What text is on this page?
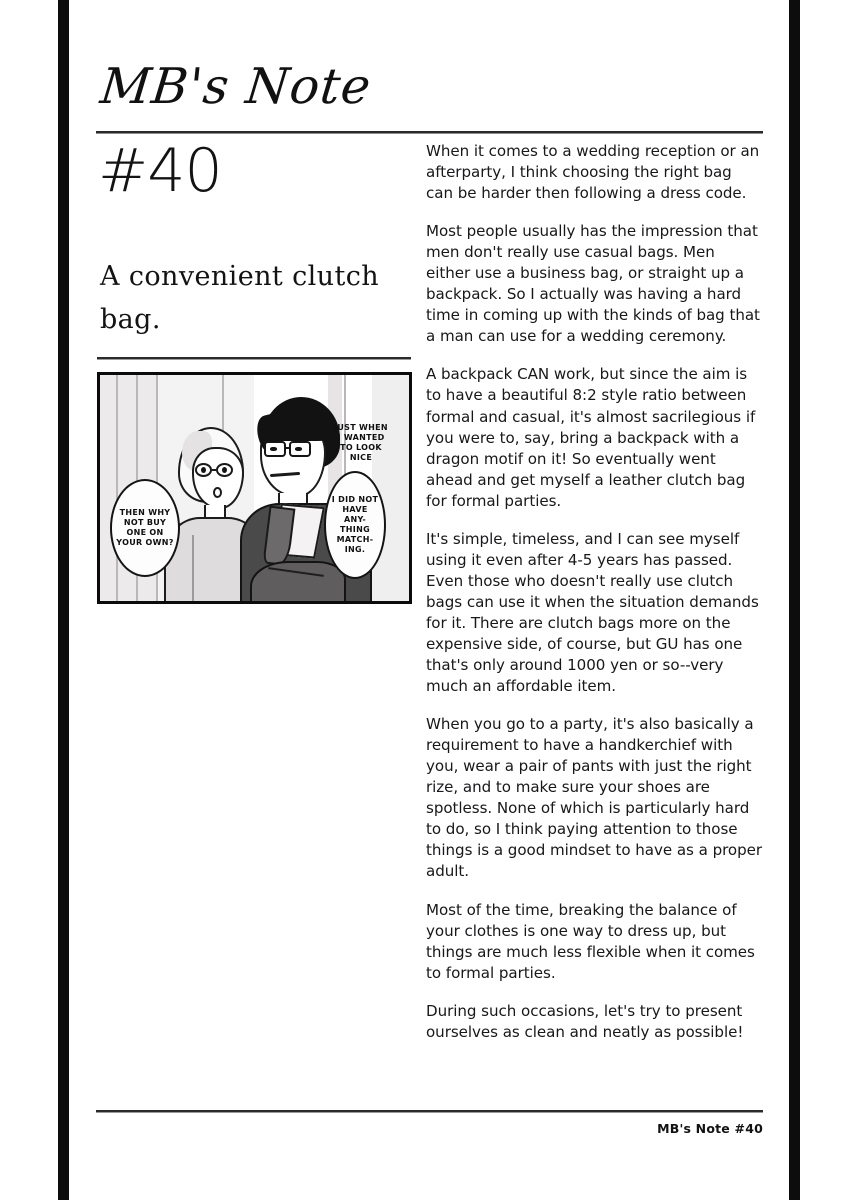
MB's Note
#40
A convenient clutch bag.
THEN WHY NOT BUY ONE ON YOUR OWN?
JUST WHEN I WANTED TO LOOK NICE
I DID NOT HAVE ANY- THING MATCH- ING.

When it comes to a wedding reception or an afterparty, I think choosing the right bag can be harder then following a dress code.

Most people usually has the impression that men don't really use casual bags. Men either use a business bag, or straight up a backpack. So I actually was having a hard time in coming up with the kinds of bag that a man can use for a wedding ceremony.

A backpack CAN work, but since the aim is to have a beautiful 8:2 style ratio between formal and casual, it's almost sacrilegious if you were to, say, bring a backpack with a dragon motif on it! So eventually went ahead and get myself a leather clutch bag for formal parties.

It's simple, timeless, and I can see myself using it even after 4-5 years has passed. Even those who doesn't really use clutch bags can use it when the situation demands for it. There are clutch bags more on the expensive side, of course, but GU has one that's only around 1000 yen or so--very much an affordable item.

When you go to a party, it's also basically a requirement to have a handkerchief with you, wear a pair of pants with just the right rize, and to make sure your shoes are spotless. None of which is particularly hard to do, so I think paying attention to those things is a good mindset to have as a proper adult.

Most of the time, breaking the balance of your clothes is one way to dress up, but things are much less flexible when it comes to formal parties.

During such occasions, let's try to present ourselves as clean and neatly as possible!

MB's Note #40
